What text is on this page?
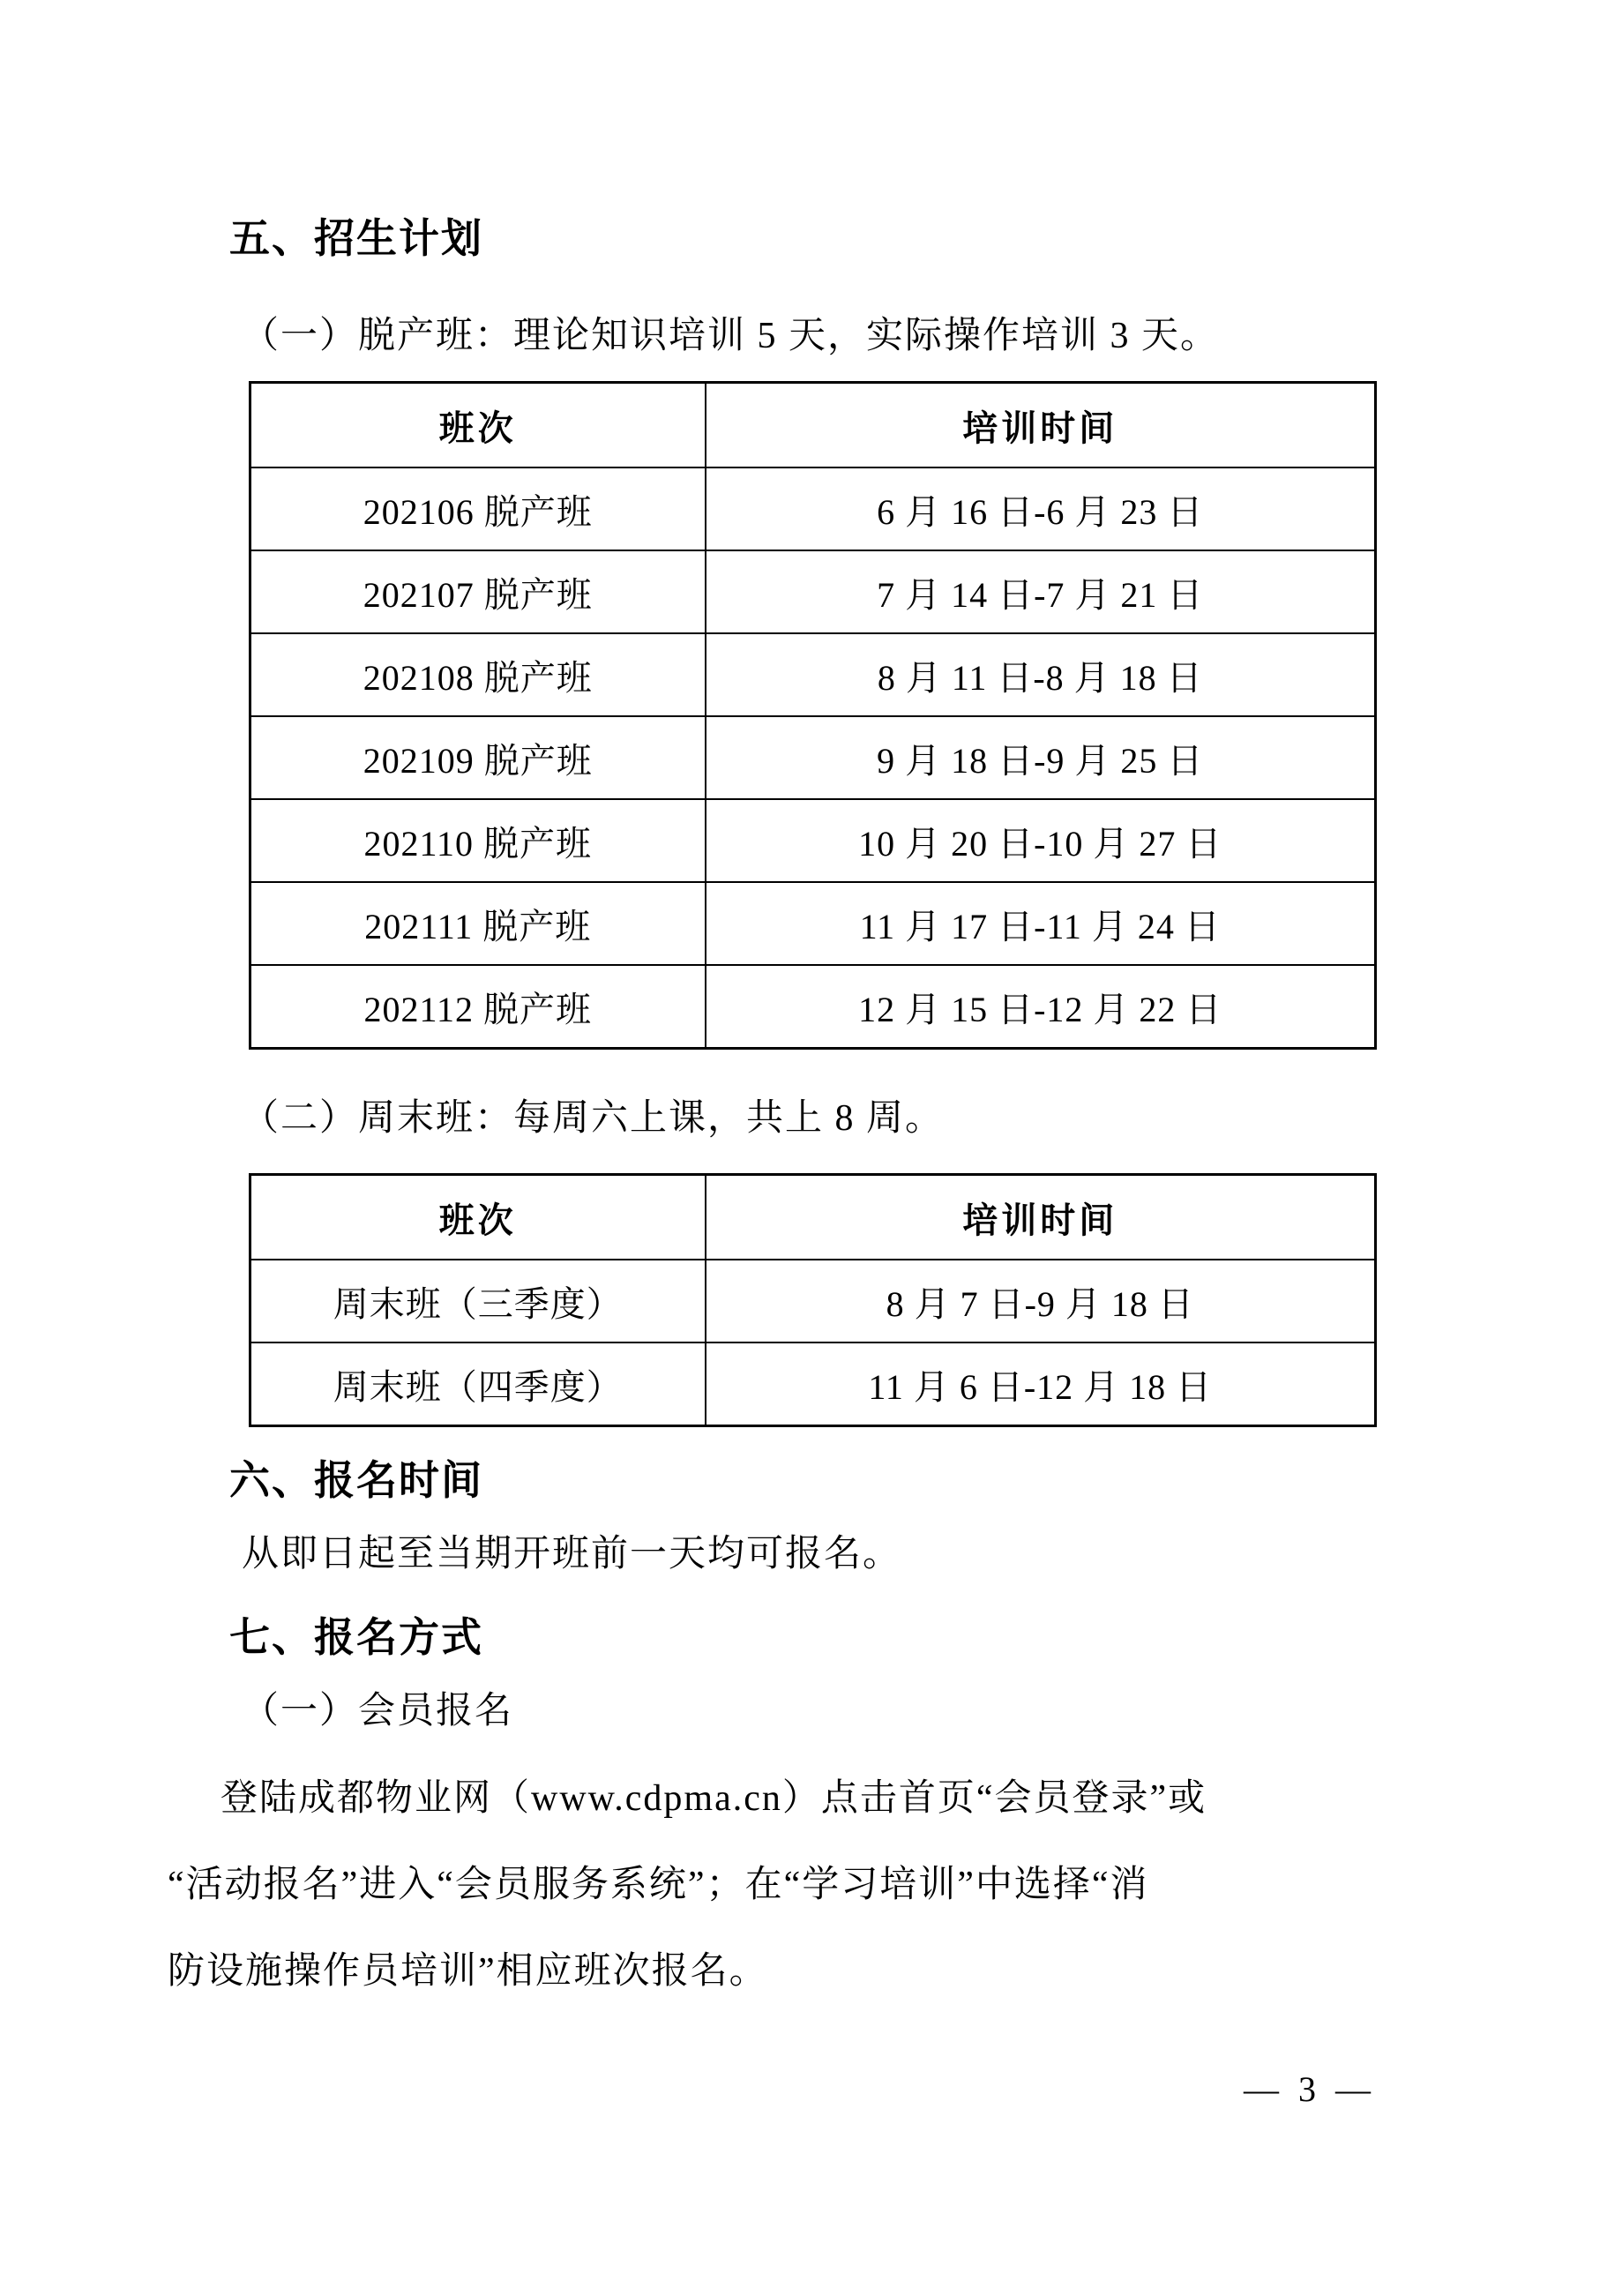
五、招生计划

（一）脱产班：理论知识培训 5 天，实际操作培训 3 天。

班次	培训时间
202106 脱产班	6 月 16 日-6 月 23 日
202107 脱产班	7 月 14 日-7 月 21 日
202108 脱产班	8 月 11 日-8 月 18 日
202109 脱产班	9 月 18 日-9 月 25 日
202110 脱产班	10 月 20 日-10 月 27 日
202111 脱产班	11 月 17 日-11 月 24 日
202112 脱产班	12 月 15 日-12 月 22 日

（二）周末班：每周六上课，共上 8 周。

班次	培训时间
周末班（三季度）	8 月 7 日-9 月 18 日
周末班（四季度）	11 月 6 日-12 月 18 日
六、报名时间

从即日起至当期开班前一天均可报名。

七、报名方式

（一）会员报名

登陆成都物业网（www.cdpma.cn）点击首页“会员登录”或

“活动报名”进入“会员服务系统”；在“学习培训”中选择“消

防设施操作员培训”相应班次报名。

— 3 —
